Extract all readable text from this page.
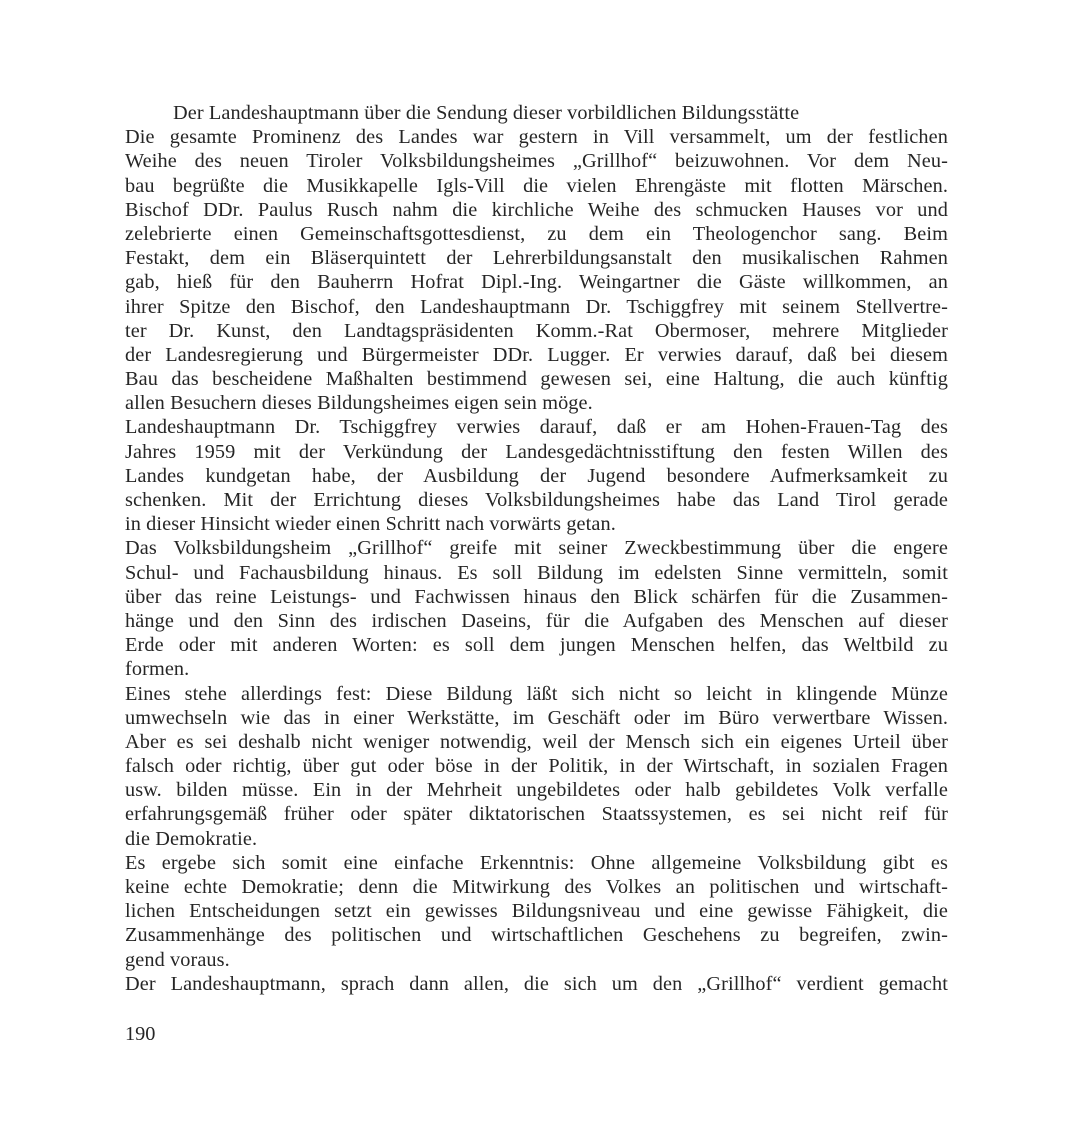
Der Landeshauptmann über die Sendung dieser vorbildlichen Bildungsstätte
Die gesamte Prominenz des Landes war gestern in Vill versammelt, um der festlichen
Weihe des neuen Tiroler Volksbildungsheimes „Grillhof“ beizuwohnen. Vor dem Neu-
bau begrüßte die Musikkapelle Igls-Vill die vielen Ehrengäste mit flotten Märschen.
Bischof DDr. Paulus Rusch nahm die kirchliche Weihe des schmucken Hauses vor und
zelebrierte einen Gemeinschaftsgottesdienst, zu dem ein Theologenchor sang. Beim
Festakt, dem ein Bläserquintett der Lehrerbildungsanstalt den musikalischen Rahmen
gab, hieß für den Bauherrn Hofrat Dipl.-Ing. Weingartner die Gäste willkommen, an
ihrer Spitze den Bischof, den Landeshauptmann Dr. Tschiggfrey mit seinem Stellvertre-
ter Dr. Kunst, den Landtagspräsidenten Komm.-Rat Obermoser, mehrere Mitglieder
der Landesregierung und Bürgermeister DDr. Lugger. Er verwies darauf, daß bei diesem
Bau das bescheidene Maßhalten bestimmend gewesen sei, eine Haltung, die auch künftig
allen Besuchern dieses Bildungsheimes eigen sein möge.
Landeshauptmann Dr. Tschiggfrey verwies darauf, daß er am Hohen-Frauen-Tag des
Jahres 1959 mit der Verkündung der Landesgedächtnisstiftung den festen Willen des
Landes kundgetan habe, der Ausbildung der Jugend besondere Aufmerksamkeit zu
schenken. Mit der Errichtung dieses Volksbildungsheimes habe das Land Tirol gerade
in dieser Hinsicht wieder einen Schritt nach vorwärts getan.
Das Volksbildungsheim „Grillhof“ greife mit seiner Zweckbestimmung über die engere
Schul- und Fachausbildung hinaus. Es soll Bildung im edelsten Sinne vermitteln, somit
über das reine Leistungs- und Fachwissen hinaus den Blick schärfen für die Zusammen-
hänge und den Sinn des irdischen Daseins, für die Aufgaben des Menschen auf dieser
Erde oder mit anderen Worten: es soll dem jungen Menschen helfen, das Weltbild zu
formen.
Eines stehe allerdings fest: Diese Bildung läßt sich nicht so leicht in klingende Münze
umwechseln wie das in einer Werkstätte, im Geschäft oder im Büro verwertbare Wissen.
Aber es sei deshalb nicht weniger notwendig, weil der Mensch sich ein eigenes Urteil über
falsch oder richtig, über gut oder böse in der Politik, in der Wirtschaft, in sozialen Fragen
usw. bilden müsse. Ein in der Mehrheit ungebildetes oder halb gebildetes Volk verfalle
erfahrungsgemäß früher oder später diktatorischen Staatssystemen, es sei nicht reif für
die Demokratie.
Es ergebe sich somit eine einfache Erkenntnis: Ohne allgemeine Volksbildung gibt es
keine echte Demokratie; denn die Mitwirkung des Volkes an politischen und wirtschaft-
lichen Entscheidungen setzt ein gewisses Bildungsniveau und eine gewisse Fähigkeit, die
Zusammenhänge des politischen und wirtschaftlichen Geschehens zu begreifen, zwin-
gend voraus.
Der Landeshauptmann, sprach dann allen, die sich um den „Grillhof“ verdient gemacht
190
